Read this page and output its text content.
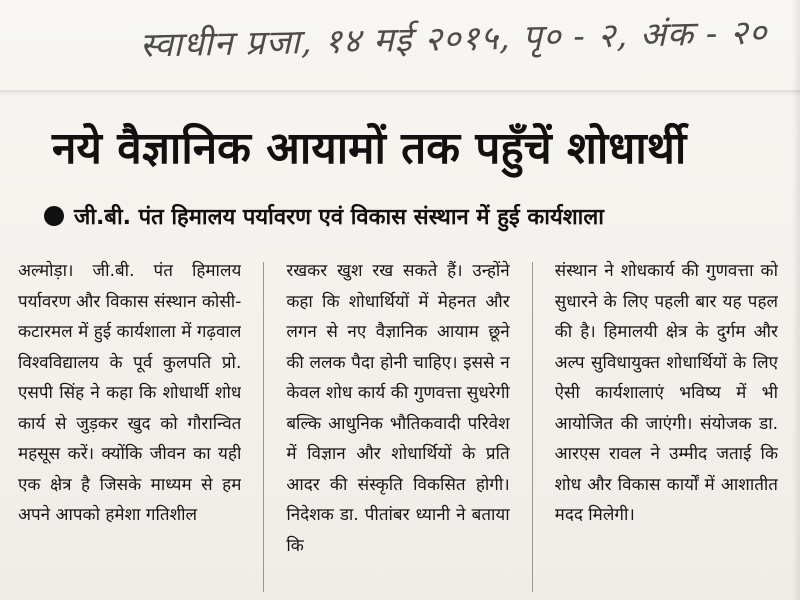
स्वाधीन प्रजा, १४ मई २०१५, पृ० - २, अंक - २०
नये वैज्ञानिक आयामों तक पहुँचें शोधार्थी
जी.बी. पंत हिमालय पर्यावरण एवं विकास संस्थान में हुई कार्यशाला

अल्मोड़ा। जी.बी. पंत हिमालय पर्यावरण और विकास संस्थान कोसी-कटारमल में हुई कार्यशाला में गढ़वाल विश्वविद्यालय के पूर्व कुलपति प्रो. एसपी सिंह ने कहा कि शोधार्थी शोध कार्य से जुड़कर खुद को गौरान्वित महसूस करें। क्योंकि जीवन का यही एक क्षेत्र है जिसके माध्यम से हम अपने आपको हमेशा गतिशील

रखकर खुश रख सकते हैं। उन्होंने कहा कि शोधार्थियों में मेहनत और लगन से नए वैज्ञानिक आयाम छूने की ललक पैदा होनी चाहिए। इससे न केवल शोध कार्य की गुणवत्ता सुधरेगी बल्कि आधुनिक भौतिकवादी परिवेश में विज्ञान और शोधार्थियों के प्रति आदर की संस्कृति विकसित होगी। निदेशक डा. पीतांबर ध्यानी ने बताया कि

संस्थान ने शोधकार्य की गुणवत्ता को सुधारने के लिए पहली बार यह पहल की है। हिमालयी क्षेत्र के दुर्गम और अल्प सुविधायुक्त शोधार्थियों के लिए ऐसी कार्यशालाएं भविष्य में भी आयोजित की जाएंगी। संयोजक डा. आरएस रावल ने उम्मीद जताई कि शोध और विकास कार्यों में आशातीत मदद मिलेगी।
